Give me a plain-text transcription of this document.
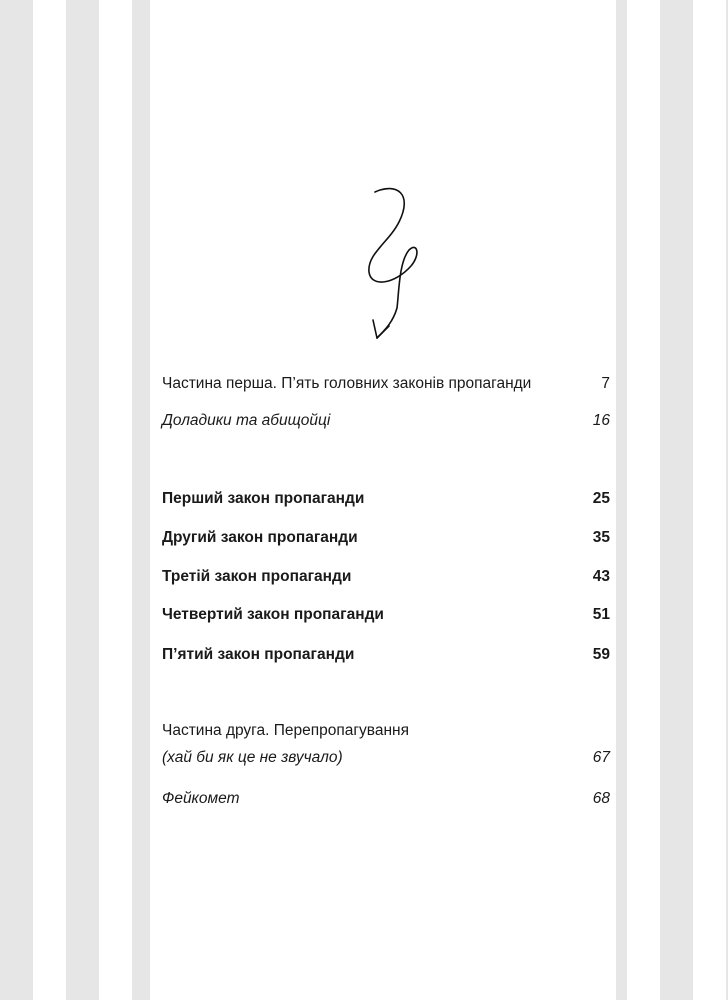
Частина перша. П’ять головних законів пропаганди	7
Доладики та абищойці	16
Перший закон пропаганди	25
Другий закон пропаганди	35
Третій закон пропаганди	43
Четвертий закон пропаганди	51
П’ятий закон пропаганди	59
Частина друга. Перепропагування
(хай би як це не звучало)	67
Фейкомет	68
